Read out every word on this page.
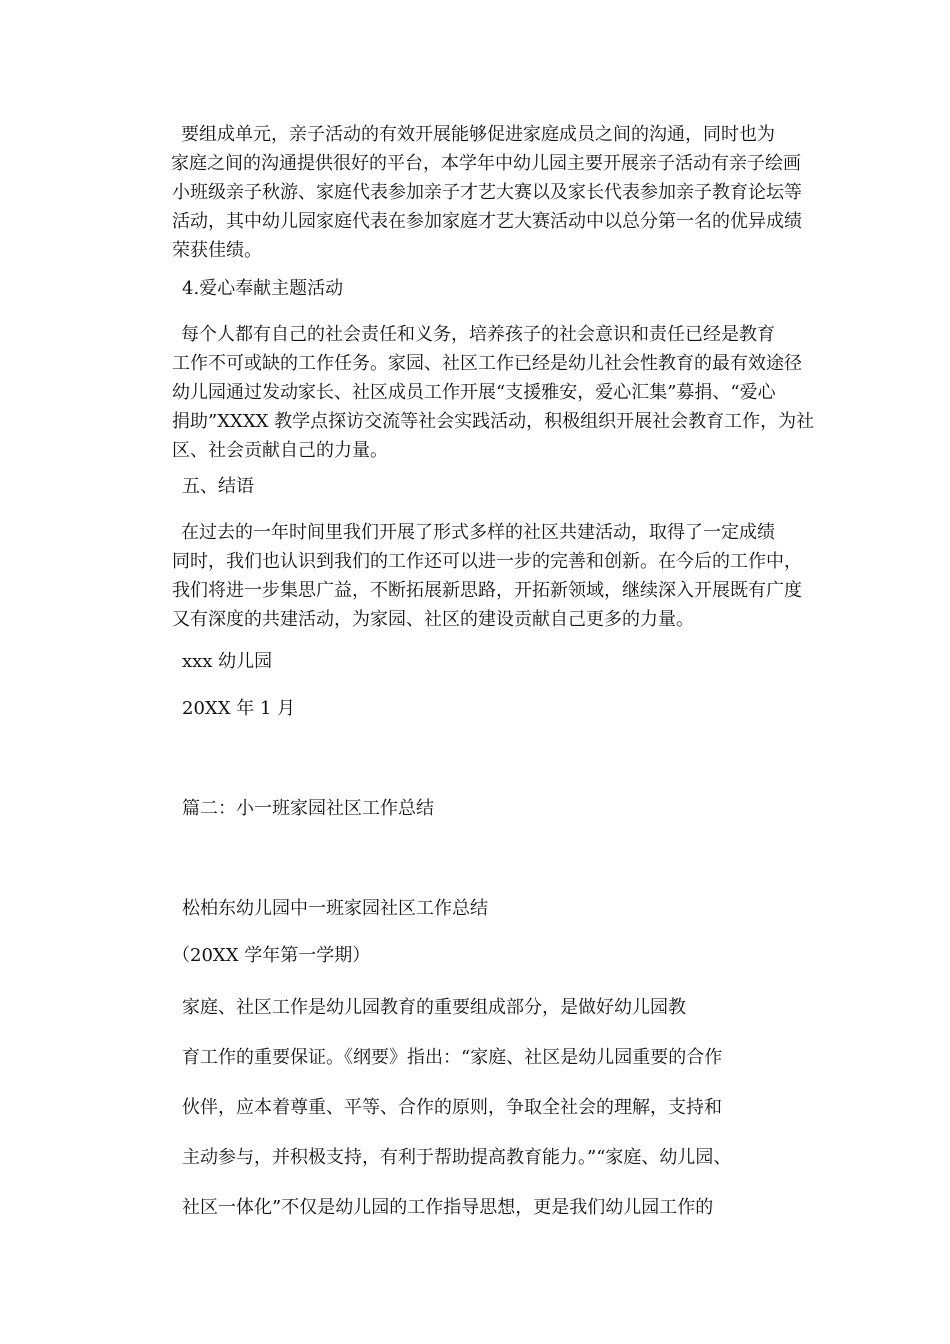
要组成单元，亲子活动的有效开展能够促进家庭成员之间的沟通，同时也为
家庭之间的沟通提供很好的平台，本学年中幼儿园主要开展亲子活动有亲子绘画
小班级亲子秋游、家庭代表参加亲子才艺大赛以及家长代表参加亲子教育论坛等
活动，其中幼儿园家庭代表在参加家庭才艺大赛活动中以总分第一名的优异成绩
荣获佳绩。
4.爱心奉献主题活动
每个人都有自己的社会责任和义务，培养孩子的社会意识和责任已经是教育
工作不可或缺的工作任务。家园、社区工作已经是幼儿社会性教育的最有效途径
幼儿园通过发动家长、社区成员工作开展“支援雅安，爱心汇集”募捐、“爱心
捐助”XXXX 教学点探访交流等社会实践活动，积极组织开展社会教育工作，为社
区、社会贡献自己的力量。
五、结语
在过去的一年时间里我们开展了形式多样的社区共建活动，取得了一定成绩
同时，我们也认识到我们的工作还可以进一步的完善和创新。在今后的工作中，
我们将进一步集思广益，不断拓展新思路，开拓新领域，继续深入开展既有广度
又有深度的共建活动，为家园、社区的建设贡献自己更多的力量。
xxx 幼儿园
20XX 年 1 月
篇二：小一班家园社区工作总结
松柏东幼儿园中一班家园社区工作总结
（20XX 学年第一学期）
家庭、社区工作是幼儿园教育的重要组成部分，是做好幼儿园教
育工作的重要保证。《纲要》指出：“家庭、社区是幼儿园重要的合作
伙伴，应本着尊重、平等、合作的原则，争取全社会的理解，支持和
主动参与，并积极支持，有利于帮助提高教育能力。”“家庭、幼儿园、
社区一体化”不仅是幼儿园的工作指导思想，更是我们幼儿园工作的
